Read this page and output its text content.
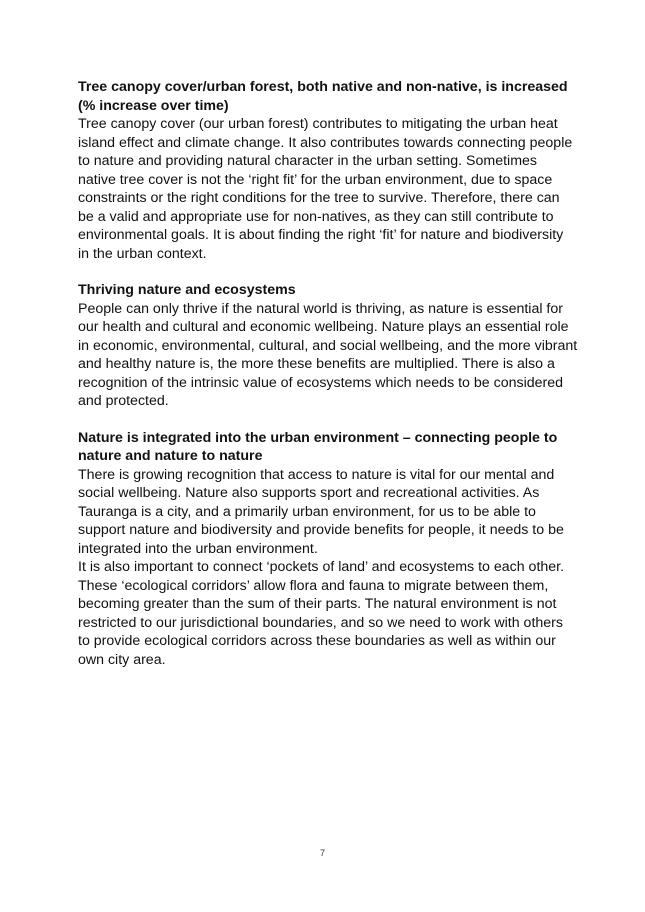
Tree canopy cover/urban forest, both native and non-native, is increased (% increase over time)

Tree canopy cover (our urban forest) contributes to mitigating the urban heat island effect and climate change. It also contributes towards connecting people to nature and providing natural character in the urban setting. Sometimes native tree cover is not the ‘right fit’ for the urban environment, due to space constraints or the right conditions for the tree to survive. Therefore, there can be a valid and appropriate use for non-natives, as they can still contribute to environmental goals. It is about finding the right ‘fit’ for nature and biodiversity in the urban context.

Thriving nature and ecosystems

People can only thrive if the natural world is thriving, as nature is essential for our health and cultural and economic wellbeing. Nature plays an essential role in economic, environmental, cultural, and social wellbeing, and the more vibrant and healthy nature is, the more these benefits are multiplied. There is also a recognition of the intrinsic value of ecosystems which needs to be considered and protected.

Nature is integrated into the urban environment – connecting people to nature and nature to nature

There is growing recognition that access to nature is vital for our mental and social wellbeing. Nature also supports sport and recreational activities. As Tauranga is a city, and a primarily urban environment, for us to be able to support nature and biodiversity and provide benefits for people, it needs to be integrated into the urban environment.

It is also important to connect ‘pockets of land’ and ecosystems to each other. These ‘ecological corridors’ allow flora and fauna to migrate between them, becoming greater than the sum of their parts. The natural environment is not restricted to our jurisdictional boundaries, and so we need to work with others to provide ecological corridors across these boundaries as well as within our own city area.

7
